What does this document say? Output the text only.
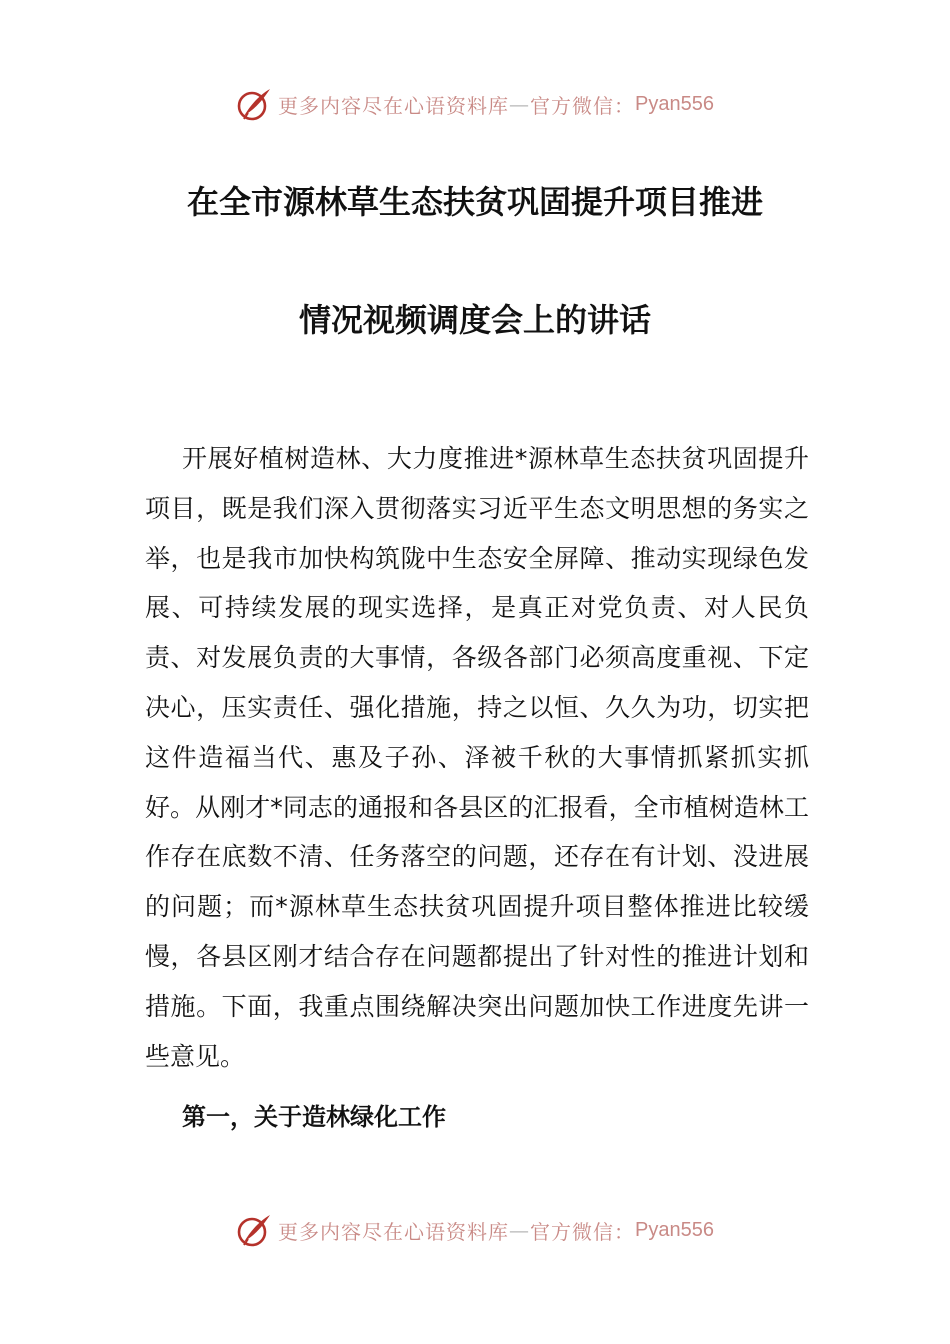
更多内容尽在心语资料库 — 官方微信： Pyan556
在全市源林草生态扶贫巩固提升项目推进
情况视频调度会上的讲话

开展好植树造林、大力度推进*源林草生态扶贫巩固提升项目，既是我们深入贯彻落实习近平生态文明思想的务实之举，也是我市加快构筑陇中生态安全屏障、推动实现绿色发展、可持续发展的现实选择，是真正对党负责、对人民负责、对发展负责的大事情，各级各部门必须高度重视、下定决心，压实责任、强化措施，持之以恒、久久为功，切实把这件造福当代、惠及子孙、泽被千秋的大事情抓紧抓实抓好。从刚才*同志的通报和各县区的汇报看，全市植树造林工作存在底数不清、任务落空的问题，还存在有计划、没进展的问题；而*源林草生态扶贫巩固提升项目整体推进比较缓慢，各县区刚才结合存在问题都提出了针对性的推进计划和措施。下面，我重点围绕解决突出问题加快工作进度先讲一些意见。

第一，关于造林绿化工作

更多内容尽在心语资料库 — 官方微信： Pyan556
